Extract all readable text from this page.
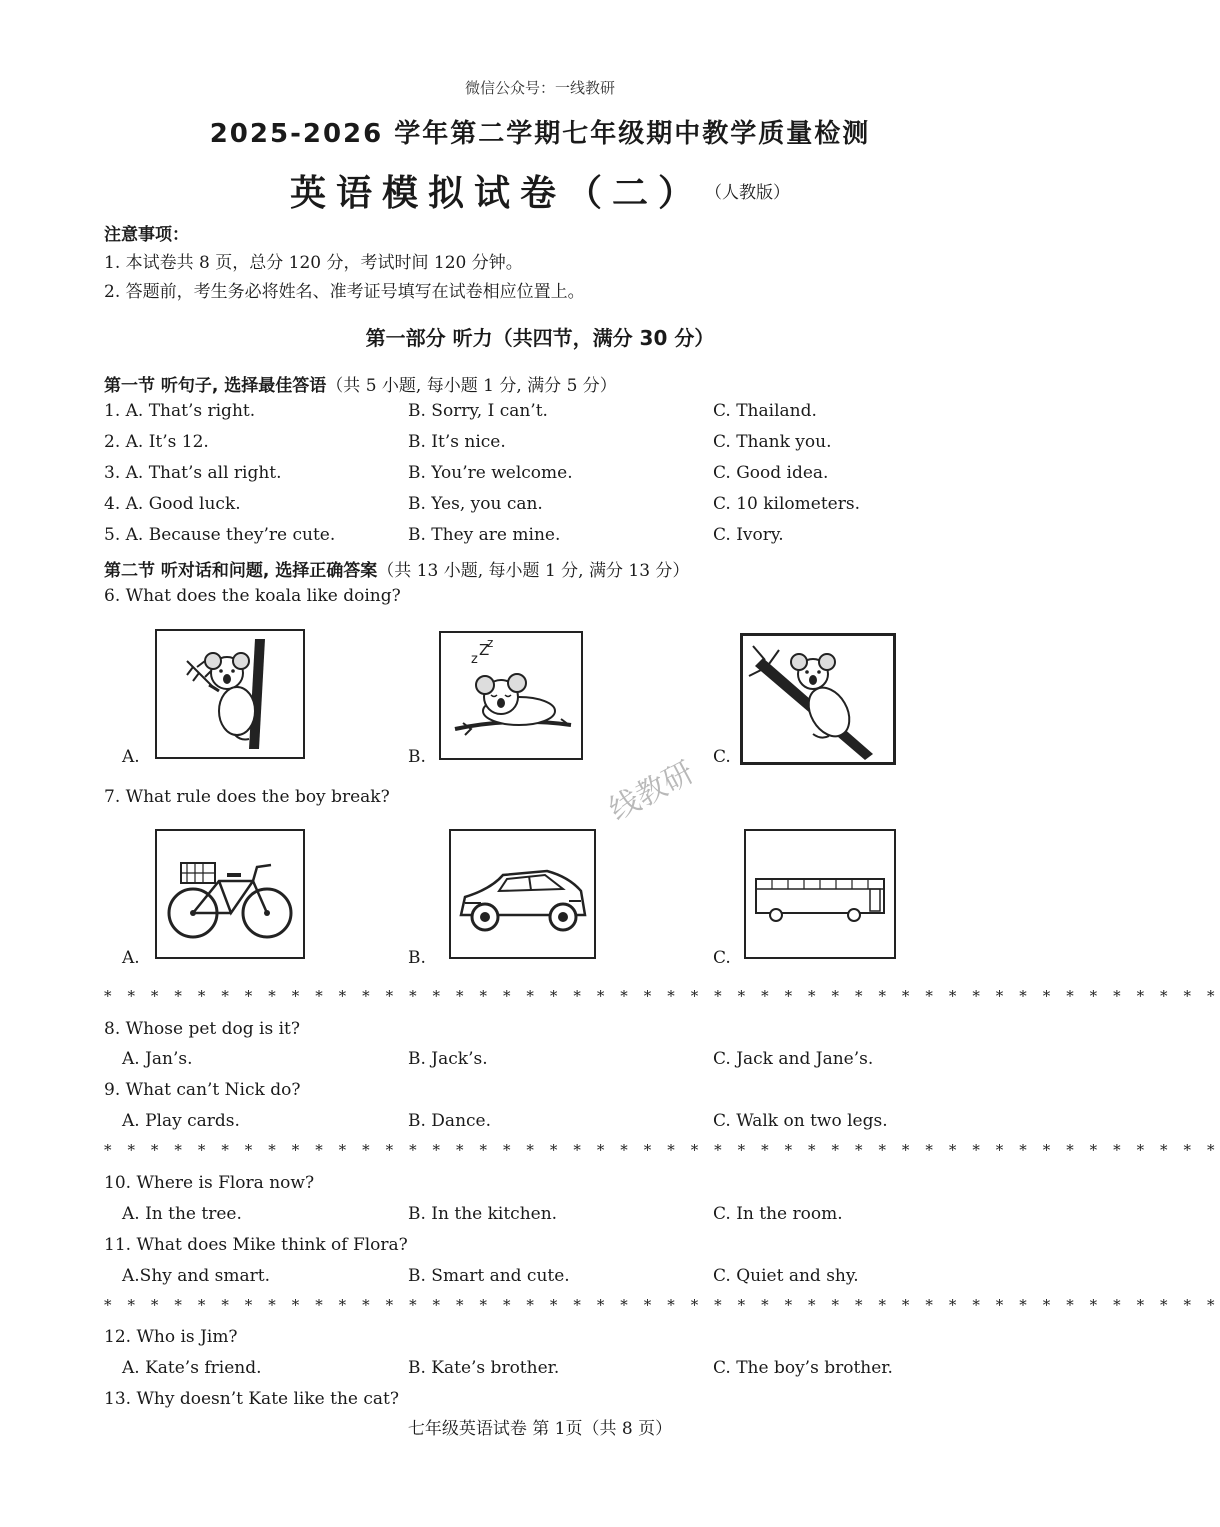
微信公众号：一线教研
2025-2026 学年第二学期七年级期中教学质量检测
英语模拟试卷（二） （人教版）
注意事项：
1. 本试卷共 8 页，总分 120 分，考试时间 120 分钟。
2. 答题前，考生务必将姓名、准考证号填写在试卷相应位置上。
第一部分 听力（共四节，满分 30 分）
第一节 听句子, 选择最佳答语（共 5 小题, 每小题 1 分, 满分 5 分）
1. A. That’s right.	B. Sorry, I can’t.	C. Thailand.
2. A. It’s 12.	B. It’s nice.	C. Thank you.
3. A. That’s all right.	B. You’re welcome.	C. Good idea.
4. A. Good luck.	B. Yes, you can.	C. 10 kilometers.
5. A. Because they’re cute.	B. They are mine.	C. Ivory.
第二节 听对话和问题, 选择正确答案（共 13 小题, 每小题 1 分, 满分 13 分）
6. What does the koala like doing?
A.	B.
z
Z
z
C.
7. What rule does the boy break?	线教研
A.	B.	C.
* * * * * * * * * * * * * * * * * * * * * * * * * * * * * * * * * * * * * * * * * * * * * * * *
8. Whose pet dog is it?
A. Jan’s.	B. Jack’s.	C. Jack and Jane’s.
9. What can’t Nick do?
A. Play cards.	B. Dance.	C. Walk on two legs.
* * * * * * * * * * * * * * * * * * * * * * * * * * * * * * * * * * * * * * * * * * * * * * * *
10. Where is Flora now?
A. In the tree.	B. In the kitchen.	C. In the room.
11. What does Mike think of Flora?
A.Shy and smart.	B. Smart and cute.	C. Quiet and shy.
* * * * * * * * * * * * * * * * * * * * * * * * * * * * * * * * * * * * * * * * * * * * * * * *
12. Who is Jim?
A. Kate’s friend.	B. Kate’s brother.	C. The boy’s brother.
13. Why doesn’t Kate like the cat?
七年级英语试卷 第 1页（共 8 页）
